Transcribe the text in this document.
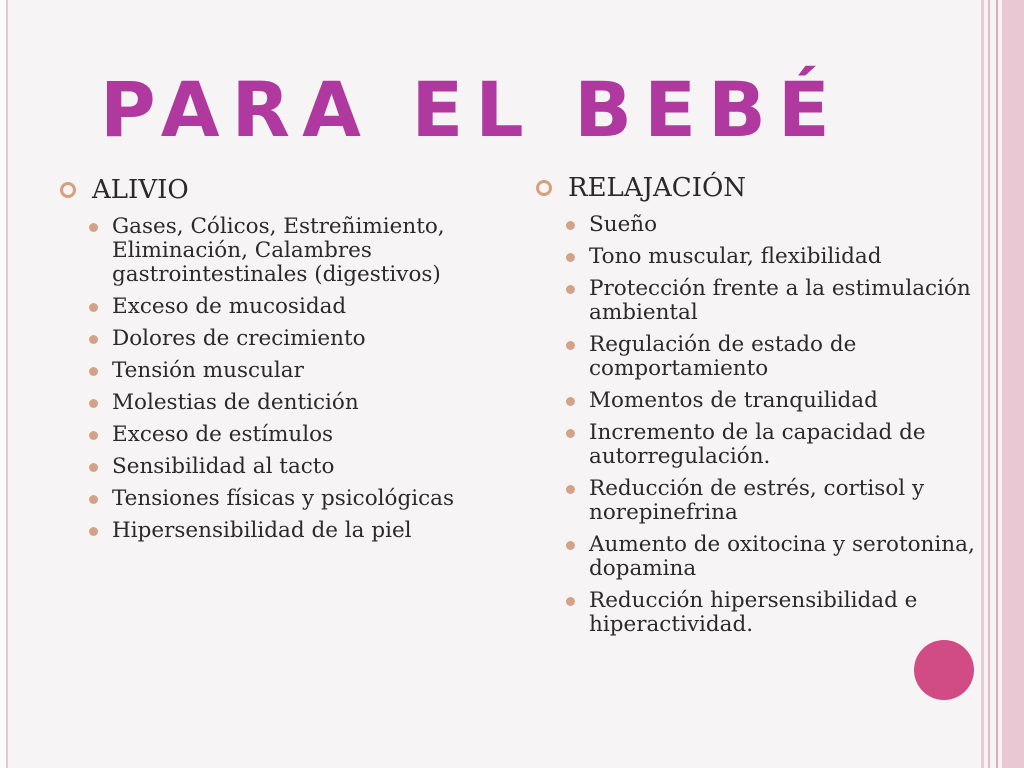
PARA EL BEBÉ
ALIVIO
Gases, Cólicos, Estreñimiento, Eliminación, Calambres gastrointestinales (digestivos)
Exceso de mucosidad
Dolores de crecimiento
Tensión muscular
Molestias de dentición
Exceso de estímulos
Sensibilidad al tacto
Tensiones físicas y psicológicas
Hipersensibilidad de la piel
RELAJACIÓN
Sueño
Tono muscular, flexibilidad
Protección frente a la estimulación ambiental
Regulación de estado de comportamiento
Momentos de tranquilidad
Incremento de la capacidad de autorregulación.
Reducción de estrés, cortisol y norepinefrina
Aumento de oxitocina y serotonina, dopamina
Reducción hipersensibilidad e hiperactividad.
